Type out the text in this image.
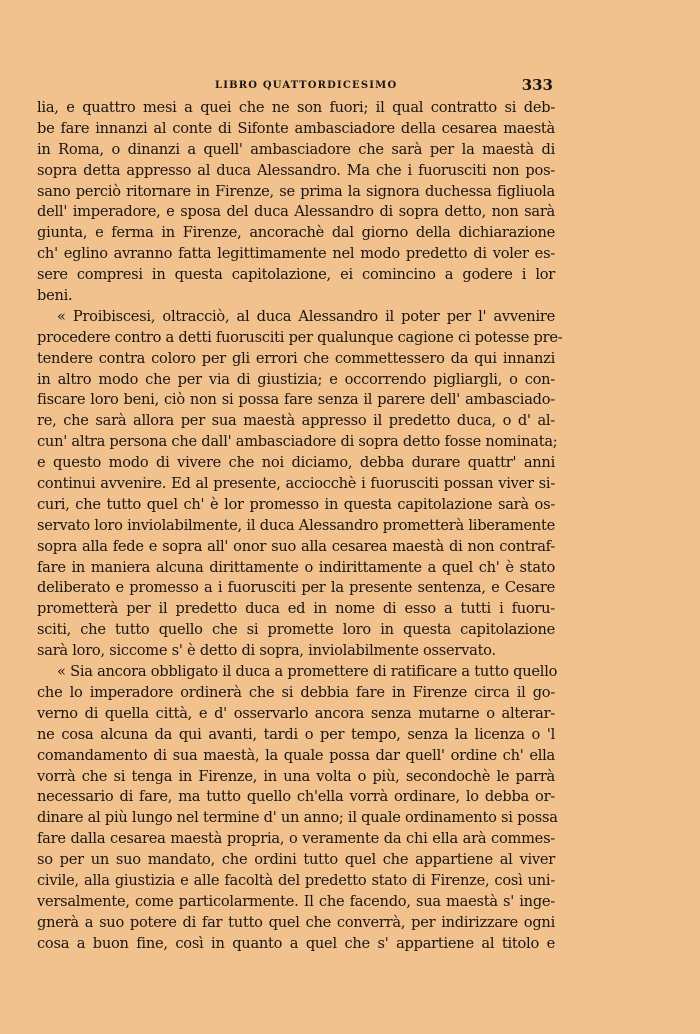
LIBRO QUATTORDICESIMO	333
lia, e quattro mesi a quei che ne son fuori; il qual contratto si deb-
be fare innanzi al conte di Sifonte ambasciadore della cesarea maestà
in Roma, o dinanzi a quell' ambasciadore che sarà per la maestà di
sopra detta appresso al duca Alessandro. Ma che i fuorusciti non pos-
sano perciò ritornare in Firenze, se prima la signora duchessa figliuola
dell' imperadore, e sposa del duca Alessandro di sopra detto, non sarà
giunta, e ferma in Firenze, ancorachè dal giorno della dichiarazione
ch' eglino avranno fatta legittimamente nel modo predetto di voler es-
sere compresi in questa capitolazione, ei comincino a godere i lor
beni.
« Proibiscesi, oltracciò, al duca Alessandro il poter per l' avvenire
procedere contro a detti fuorusciti per qualunque cagione ci potesse pre-
tendere contra coloro per gli errori che commettessero da qui innanzi
in altro modo che per via di giustizia; e occorrendo pigliargli, o con-
fiscare loro beni, ciò non si possa fare senza il parere dell' ambasciado-
re, che sarà allora per sua maestà appresso il predetto duca, o d' al-
cun' altra persona che dall' ambasciadore di sopra detto fosse nominata;
e questo modo di vivere che noi diciamo, debba durare quattr' anni
continui avvenire. Ed al presente, acciocchè i fuorusciti possan viver si-
curi, che tutto quel ch' è lor promesso in questa capitolazione sarà os-
servato loro inviolabilmente, il duca Alessandro prometterà liberamente
sopra alla fede e sopra all' onor suo alla cesarea maestà di non contraf-
fare in maniera alcuna dirittamente o indirittamente a quel ch' è stato
deliberato e promesso a i fuorusciti per la presente sentenza, e Cesare
prometterà per il predetto duca ed in nome di esso a tutti i fuoru-
sciti, che tutto quello che si promette loro in questa capitolazione
sarà loro, siccome s' è detto di sopra, inviolabilmente osservato.
« Sia ancora obbligato il duca a promettere di ratificare a tutto quello
che lo imperadore ordinerà che si debbia fare in Firenze circa il go-
verno di quella città, e d' osservarlo ancora senza mutarne o alterar-
ne cosa alcuna da qui avanti, tardi o per tempo, senza la licenza o 'l
comandamento di sua maestà, la quale possa dar quell' ordine ch' ella
vorrà che si tenga in Firenze, in una volta o più, secondochè le parrà
necessario di fare, ma tutto quello ch'ella vorrà ordinare, lo debba or-
dinare al più lungo nel termine d' un anno; il quale ordinamento si possa
fare dalla cesarea maestà propria, o veramente da chi ella arà commes-
so per un suo mandato, che ordini tutto quel che appartiene al viver
civile, alla giustizia e alle facoltà del predetto stato di Firenze, così uni-
versalmente, come particolarmente. Il che facendo, sua maestà s' inge-
gnerà a suo potere di far tutto quel che converrà, per indirizzare ogni
cosa a buon fine, così in quanto a quel che s' appartiene al titolo e
